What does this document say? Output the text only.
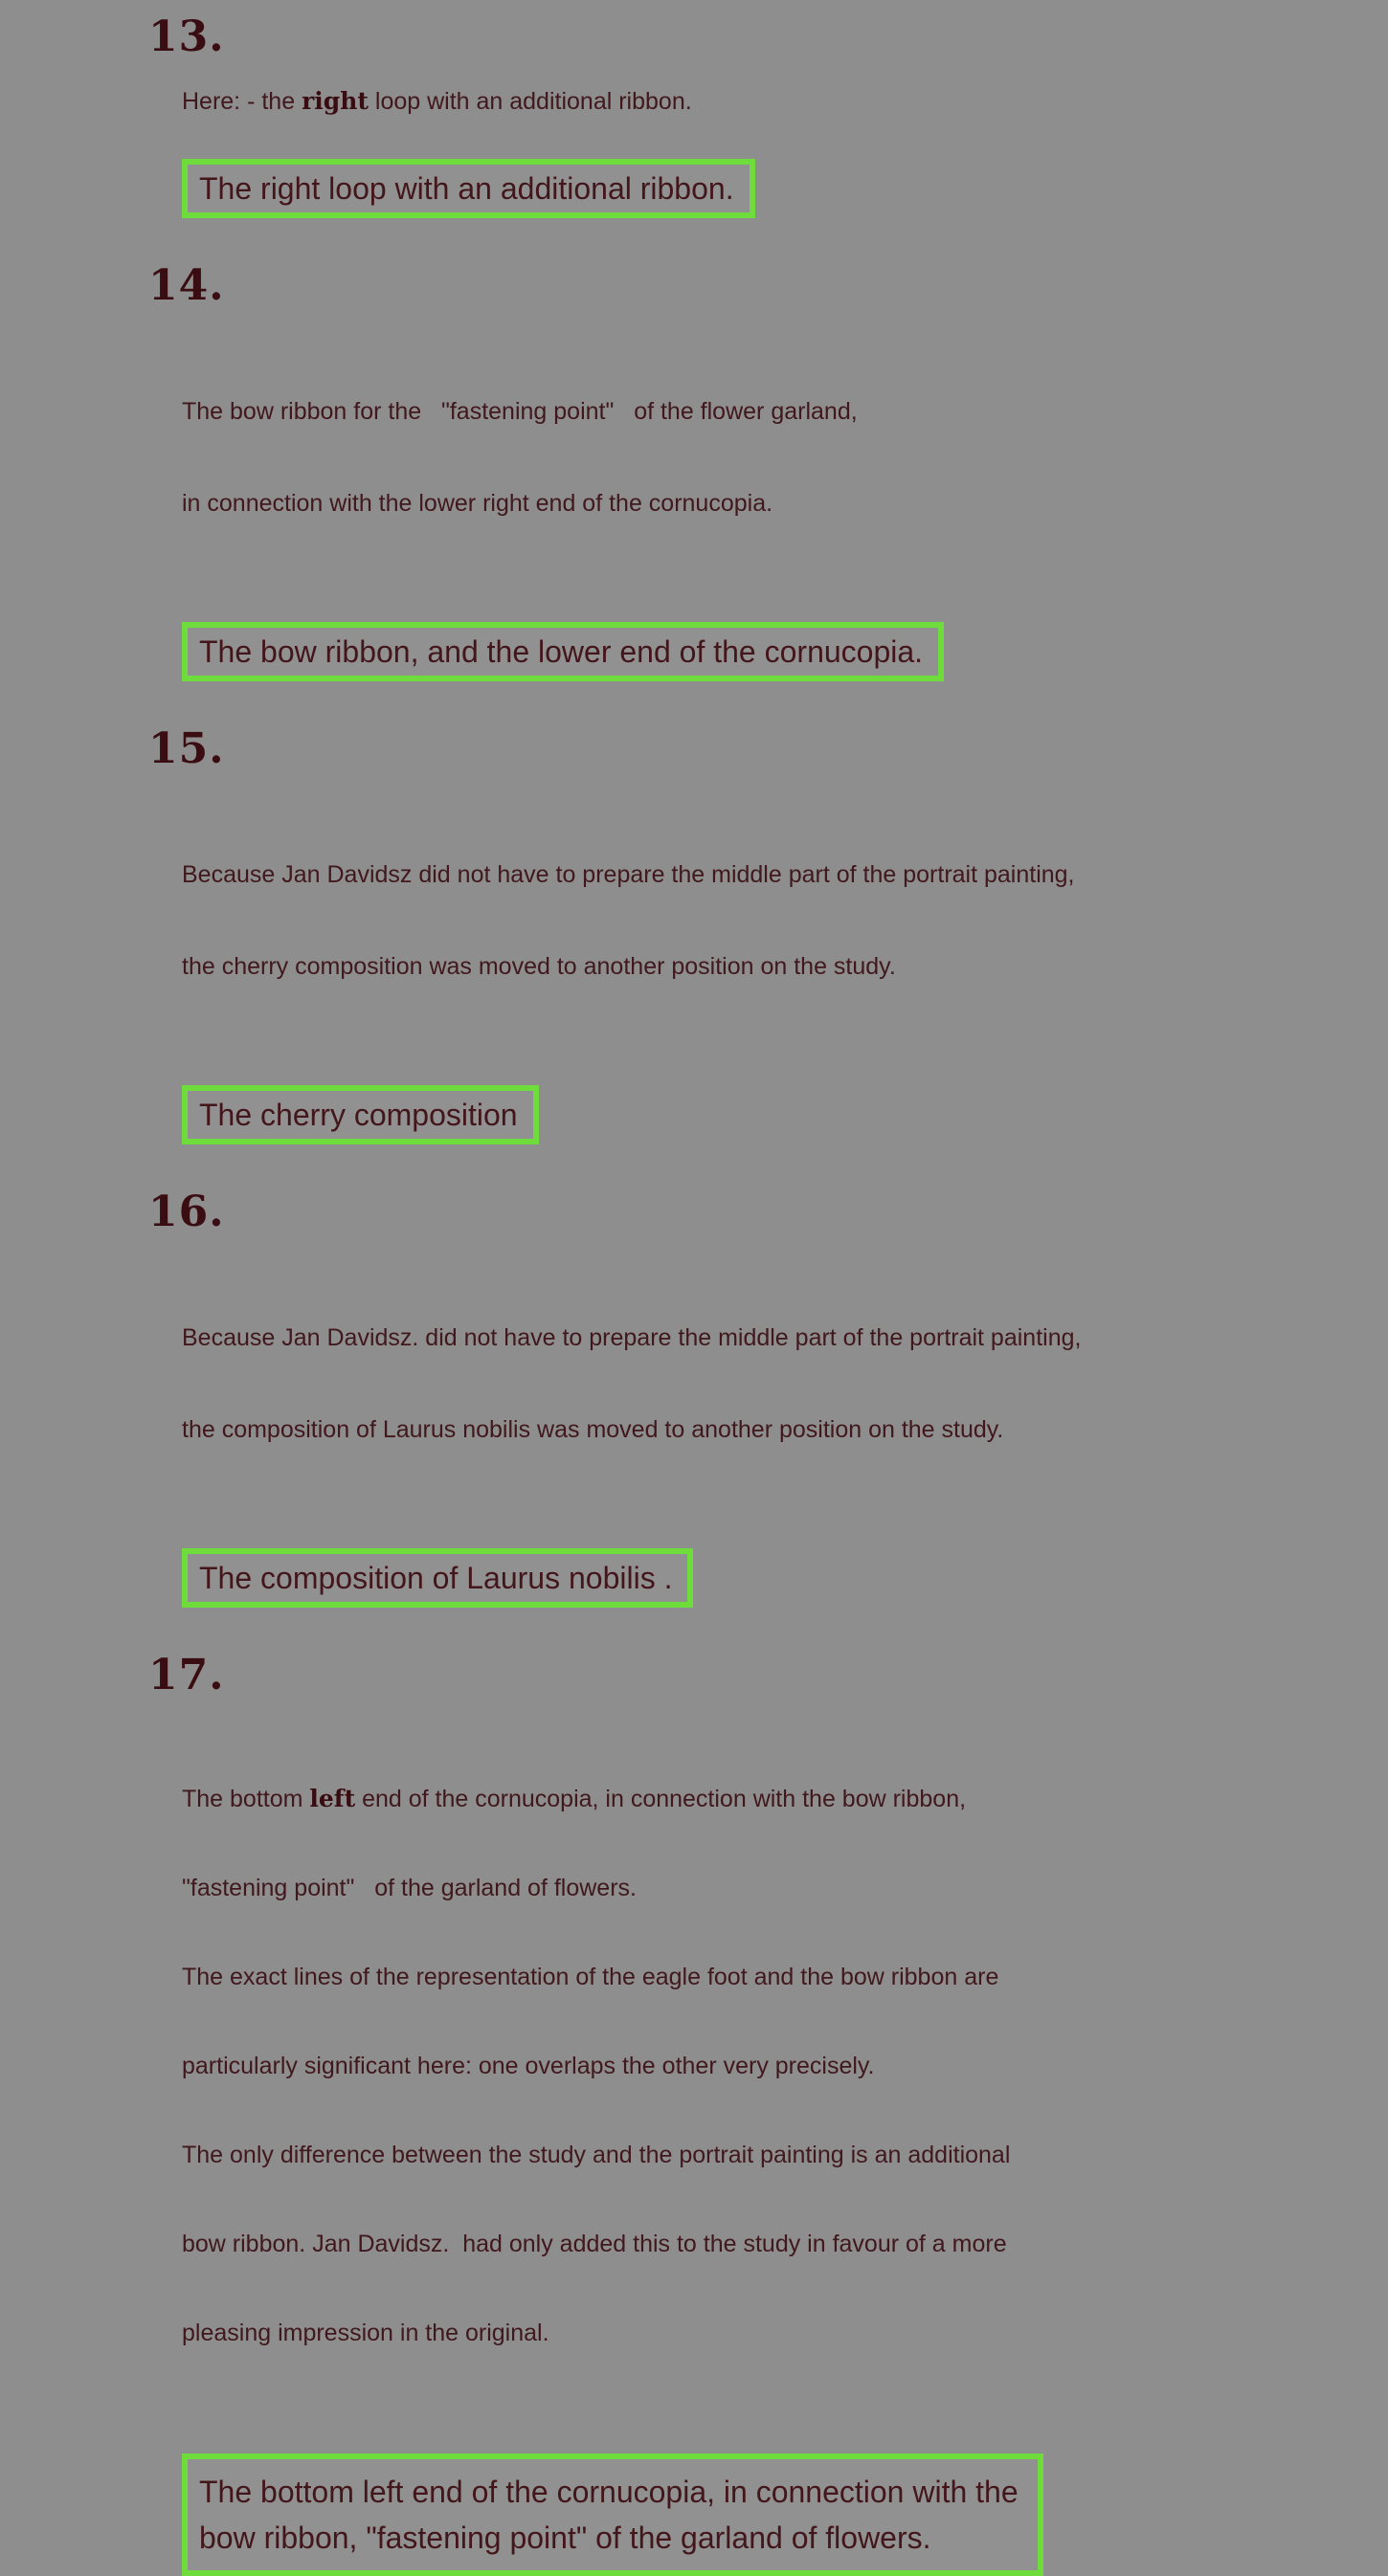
13.
Here: - the right loop with an additional ribbon.
The right loop with an additional ribbon.
14.

The bow ribbon for the   "fastening point"   of the flower garland,

in connection with the lower right end of the cornucopia.

The bow ribbon, and the lower end of the cornucopia.
15.

Because Jan Davidsz did not have to prepare the middle part of the portrait painting,

the cherry composition was moved to another position on the study.

The cherry composition
16.

Because Jan Davidsz. did not have to prepare the middle part of the portrait painting,

the composition of Laurus nobilis was moved to another position on the study.

The composition of Laurus nobilis .
17.

The bottom left end of the cornucopia, in connection with the bow ribbon,

"fastening point"   of the garland of flowers.

The exact lines of the representation of the eagle foot and the bow ribbon are

particularly significant here: one overlaps the other very precisely.

The only difference between the study and the portrait painting is an additional

bow ribbon. Jan Davidsz.  had only added this to the study in favour of a more

pleasing impression in the original.

The bottom left end of the cornucopia, in connection with the
bow ribbon, "fastening point" of the garland of flowers.
